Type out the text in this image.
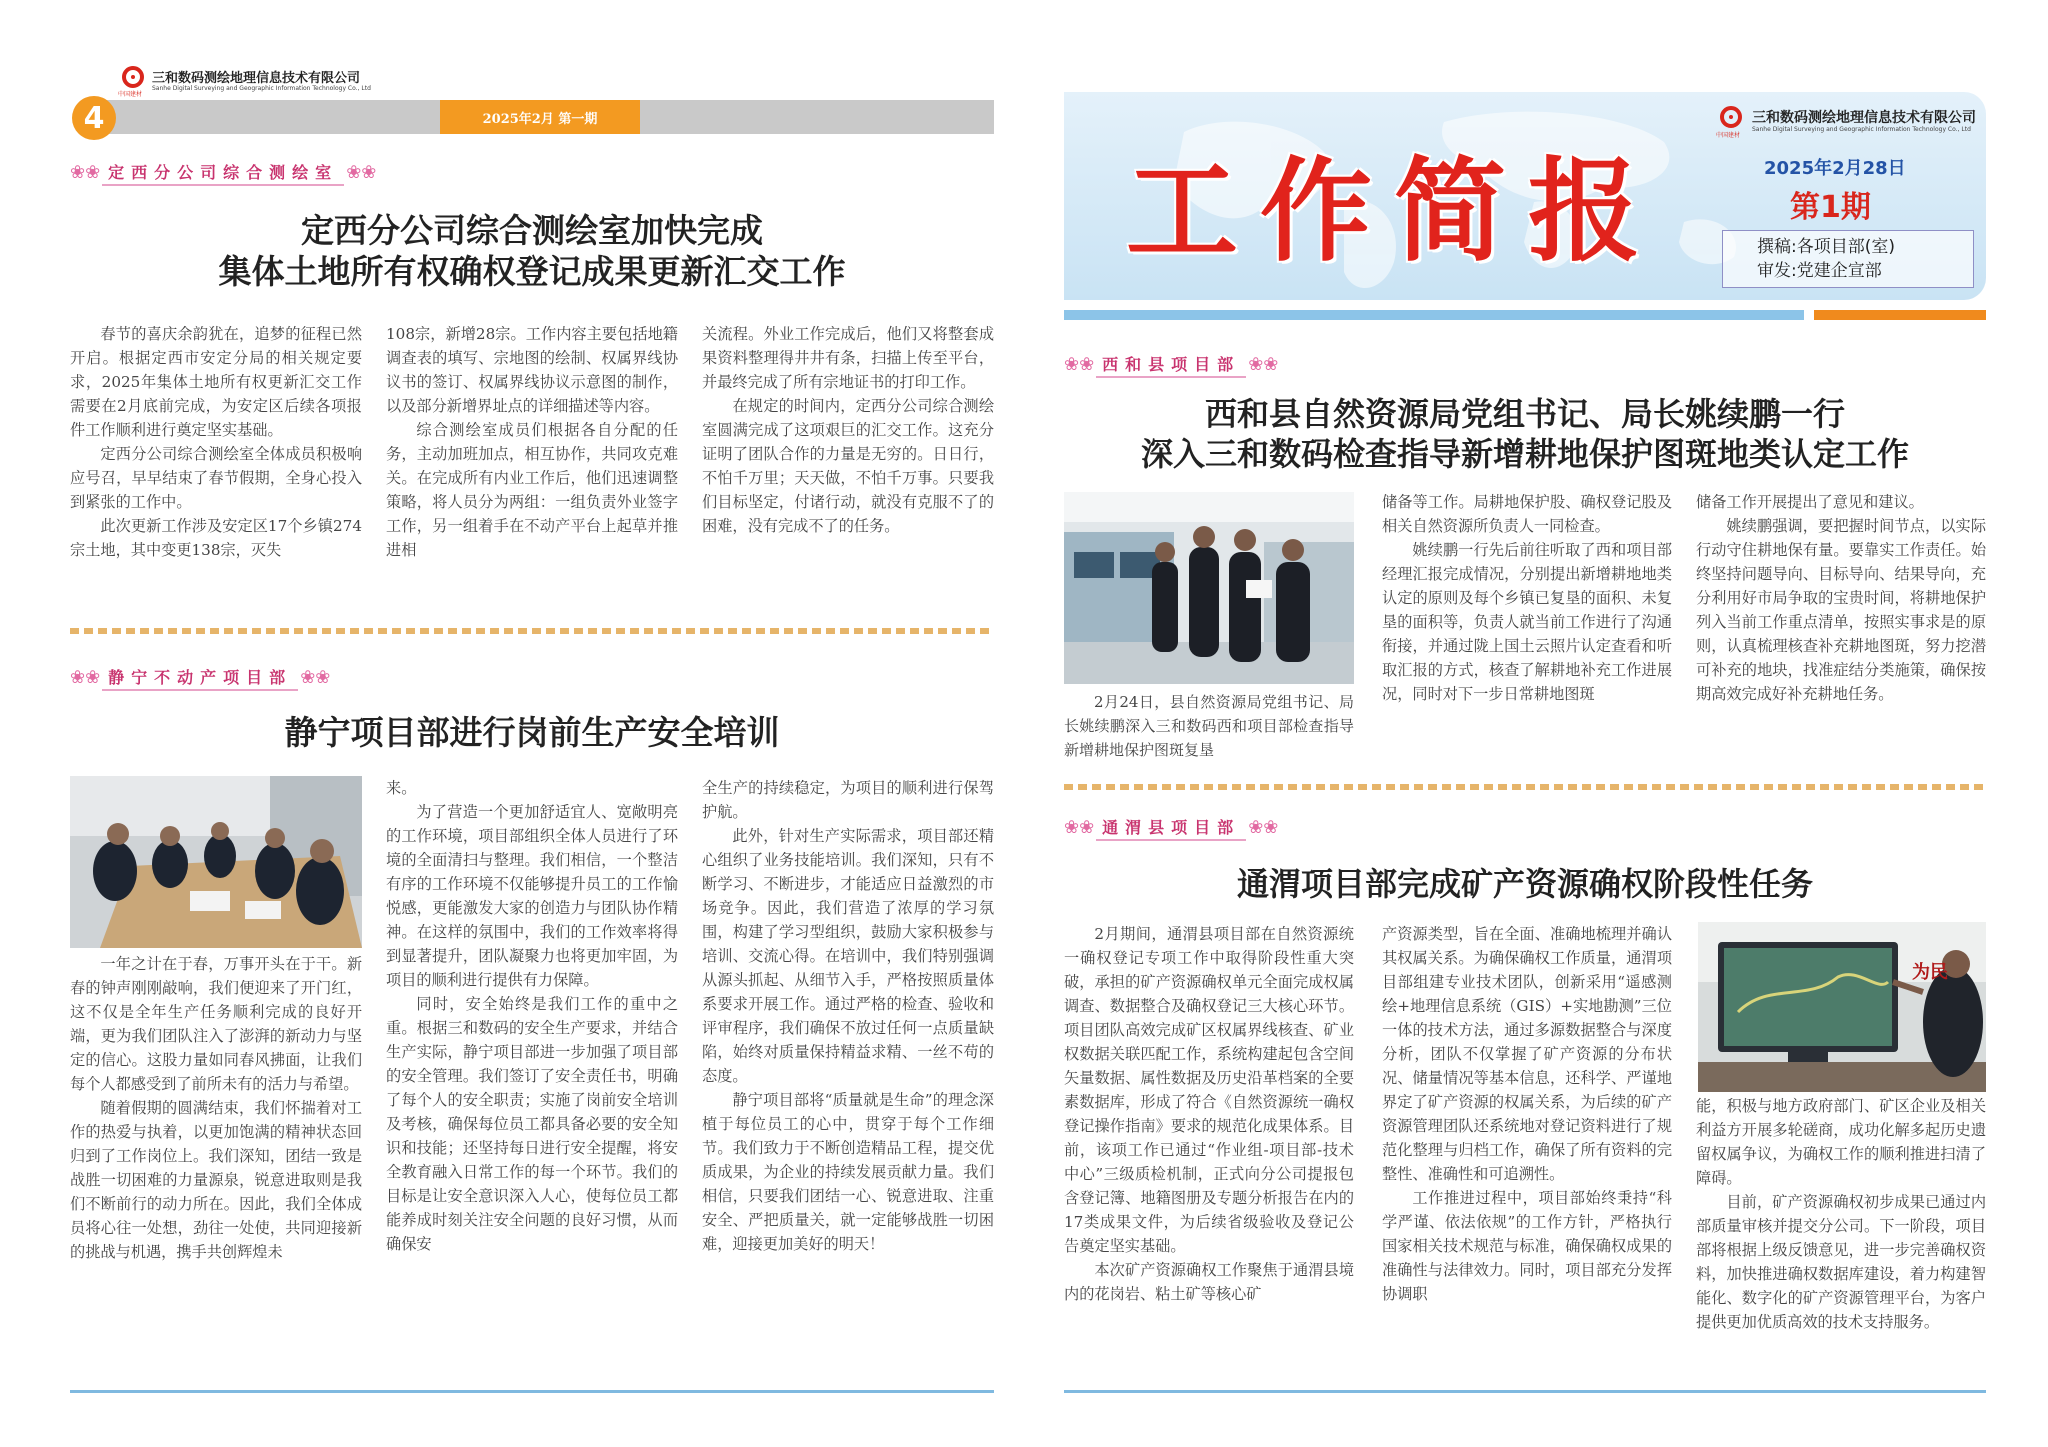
中国建材
三和数码测绘地理信息技术有限公司
Sanhe Digital Surveying and Geographic Information Technology Co., Ltd
2025年2月 第一期
4
❀❀ 定西分公司综合测绘室 ❀❀
定西分公司综合测绘室加快完成
集体土地所有权确权登记成果更新汇交工作

春节的喜庆余韵犹在，追梦的征程已然开启。根据定西市安定分局的相关规定要求，2025年集体土地所有权更新汇交工作需要在2月底前完成，为安定区后续各项报件工作顺利进行奠定坚实基础。

定西分公司综合测绘室全体成员积极响应号召，早早结束了春节假期，全身心投入到紧张的工作中。

此次更新工作涉及安定区17个乡镇274宗土地，其中变更138宗，灭失

108宗，新增28宗。工作内容主要包括地籍调查表的填写、宗地图的绘制、权属界线协议书的签订、权属界线协议示意图的制作，以及部分新增界址点的详细描述等内容。

综合测绘室成员们根据各自分配的任务，主动加班加点，相互协作，共同攻克难关。在完成所有内业工作后，他们迅速调整策略，将人员分为两组：一组负责外业签字工作，另一组着手在不动产平台上起草并推进相

关流程。外业工作完成后，他们又将整套成果资料整理得井井有条，扫描上传至平台，并最终完成了所有宗地证书的打印工作。

在规定的时间内，定西分公司综合测绘室圆满完成了这项艰巨的汇交工作。这充分证明了团队合作的力量是无穷的。日日行，不怕千万里；天天做，不怕千万事。只要我们目标坚定，付诸行动，就没有克服不了的困难，没有完成不了的任务。

❀❀ 静宁不动产项目部 ❀❀
静宁项目部进行岗前生产安全培训

一年之计在于春，万事开头在于干。新春的钟声刚刚敲响，我们便迎来了开门红，这不仅是全年生产任务顺利完成的良好开端，更为我们团队注入了澎湃的新动力与坚定的信心。这股力量如同春风拂面，让我们每个人都感受到了前所未有的活力与希望。

随着假期的圆满结束，我们怀揣着对工作的热爱与执着，以更加饱满的精神状态回归到了工作岗位上。我们深知，团结一致是战胜一切困难的力量源泉，锐意进取则是我们不断前行的动力所在。因此，我们全体成员将心往一处想，劲往一处使，共同迎接新的挑战与机遇，携手共创辉煌未

来。

为了营造一个更加舒适宜人、宽敞明亮的工作环境，项目部组织全体人员进行了环境的全面清扫与整理。我们相信，一个整洁有序的工作环境不仅能够提升员工的工作愉悦感，更能激发大家的创造力与团队协作精神。在这样的氛围中，我们的工作效率将得到显著提升，团队凝聚力也将更加牢固，为项目的顺利进行提供有力保障。

同时，安全始终是我们工作的重中之重。根据三和数码的安全生产要求，并结合生产实际，静宁项目部进一步加强了项目部的安全管理。我们签订了安全责任书，明确了每个人的安全职责；实施了岗前安全培训及考核，确保每位员工都具备必要的安全知识和技能；还坚持每日进行安全提醒，将安全教育融入日常工作的每一个环节。我们的目标是让安全意识深入人心，使每位员工都能养成时刻关注安全问题的良好习惯，从而确保安

全生产的持续稳定，为项目的顺利进行保驾护航。

此外，针对生产实际需求，项目部还精心组织了业务技能培训。我们深知，只有不断学习、不断进步，才能适应日益激烈的市场竞争。因此，我们营造了浓厚的学习氛围，构建了学习型组织，鼓励大家积极参与培训、交流心得。在培训中，我们特别强调从源头抓起、从细节入手，严格按照质量体系要求开展工作。通过严格的检查、验收和评审程序，我们确保不放过任何一点质量缺陷，始终对质量保持精益求精、一丝不苟的态度。

静宁项目部将“质量就是生命”的理念深植于每位员工的心中，贯穿于每个工作细节。我们致力于不断创造精品工程，提交优质成果，为企业的持续发展贡献力量。我们相信，只要我们团结一心、锐意进取、注重安全、严把质量关，就一定能够战胜一切困难，迎接更加美好的明天！

工作简报
中国建材
三和数码测绘地理信息技术有限公司
Sanhe Digital Surveying and Geographic Information Technology Co., Ltd
2025年2月28日
第1期
撰稿:各项目部(室)
审发:党建企宣部
❀❀ 西和县项目部 ❀❀
西和县自然资源局党组书记、局长姚续鹏一行
深入三和数码检查指导新增耕地保护图斑地类认定工作
2月24日，县自然资源局党组书记、局长姚续鹏深入三和数码西和项目部检查指导新增耕地保护图斑复垦

储备等工作。局耕地保护股、确权登记股及相关自然资源所负责人一同检查。

姚续鹏一行先后前往听取了西和项目部经理汇报完成情况，分别提出新增耕地地类认定的原则及每个乡镇已复垦的面积、未复垦的面积等，负责人就当前工作进行了沟通衔接，并通过陇上国土云照片认定查看和听取汇报的方式，核查了解耕地补充工作进展况，同时对下一步日常耕地图斑

储备工作开展提出了意见和建议。

姚续鹏强调，要把握时间节点，以实际行动守住耕地保有量。要靠实工作责任。始终坚持问题导向、目标导向、结果导向，充分利用好市局争取的宝贵时间，将耕地保护列入当前工作重点清单，按照实事求是的原则，认真梳理核查补充耕地图斑，努力挖潜可补充的地块，找准症结分类施策，确保按期高效完成好补充耕地任务。

❀❀ 通渭县项目部 ❀❀
通渭项目部完成矿产资源确权阶段性任务

2月期间，通渭县项目部在自然资源统一确权登记专项工作中取得阶段性重大突破，承担的矿产资源确权单元全面完成权属调查、数据整合及确权登记三大核心环节。项目团队高效完成矿区权属界线核查、矿业权数据关联匹配工作，系统构建起包含空间矢量数据、属性数据及历史沿革档案的全要素数据库，形成了符合《自然资源统一确权登记操作指南》要求的规范化成果体系。目前，该项工作已通过“作业组-项目部-技术中心”三级质检机制，正式向分公司提报包含登记簿、地籍图册及专题分析报告在内的17类成果文件，为后续省级验收及登记公告奠定坚实基础。

本次矿产资源确权工作聚焦于通渭县境内的花岗岩、粘土矿等核心矿

产资源类型，旨在全面、准确地梳理并确认其权属关系。为确保确权工作质量，通渭项目部组建专业技术团队，创新采用“遥感测绘+地理信息系统（GIS）+实地勘测”三位一体的技术方法，通过多源数据整合与深度分析，团队不仅掌握了矿产资源的分布状况、储量情况等基本信息，还科学、严谨地界定了矿产资源的权属关系，为后续的矿产资源管理团队还系统地对登记资料进行了规范化整理与归档工作，确保了所有资料的完整性、准确性和可追溯性。

工作推进过程中，项目部始终秉持“科学严谨、依法依规”的工作方针，严格执行国家相关技术规范与标准，确保确权成果的准确性与法律效力。同时，项目部充分发挥协调职

为民

能，积极与地方政府部门、矿区企业及相关利益方开展多轮磋商，成功化解多起历史遗留权属争议，为确权工作的顺利推进扫清了障碍。

目前，矿产资源确权初步成果已通过内部质量审核并提交分公司。下一阶段，项目部将根据上级反馈意见，进一步完善确权资料，加快推进确权数据库建设，着力构建智能化、数字化的矿产资源管理平台，为客户提供更加优质高效的技术支持服务。
